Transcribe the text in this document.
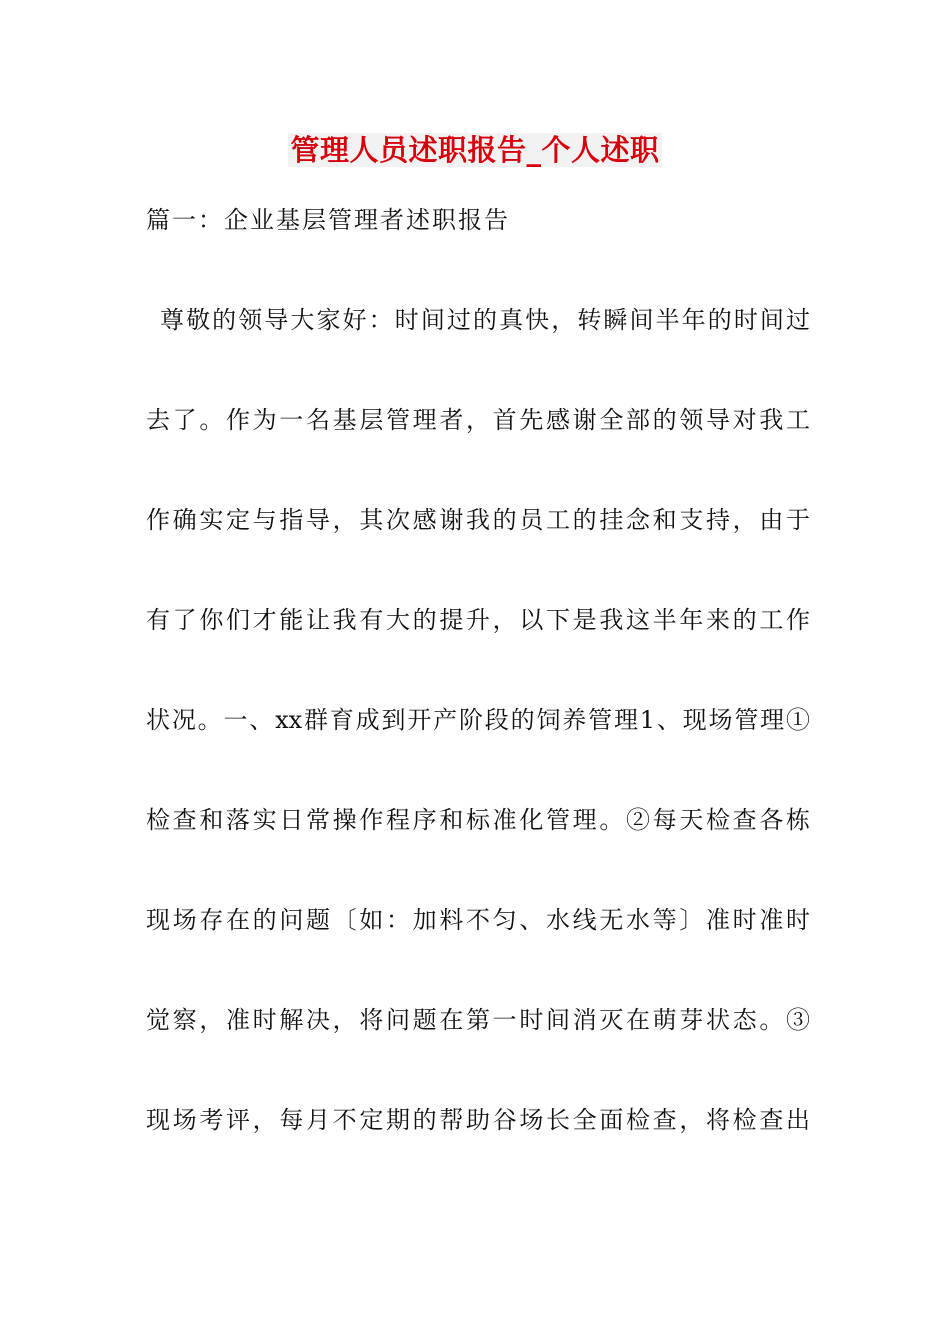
管理人员述职报告_个人述职
篇一：企业基层管理者述职报告
尊敬的领导大家好：时间过的真快，转瞬间半年的时间过
去了。作为一名基层管理者，首先感谢全部的领导对我工
作确实定与指导，其次感谢我的员工的挂念和支持，由于
有了你们才能让我有大的提升，以下是我这半年来的工作
状况。一、xx群育成到开产阶段的饲养管理1、现场管理①
检查和落实日常操作程序和标准化管理。②每天检查各栋
现场存在的问题〔如：加料不匀、水线无水等〕准时准时
觉察，准时解决，将问题在第一时间消灭在萌芽状态。③
现场考评，每月不定期的帮助谷场长全面检查，将检查出
